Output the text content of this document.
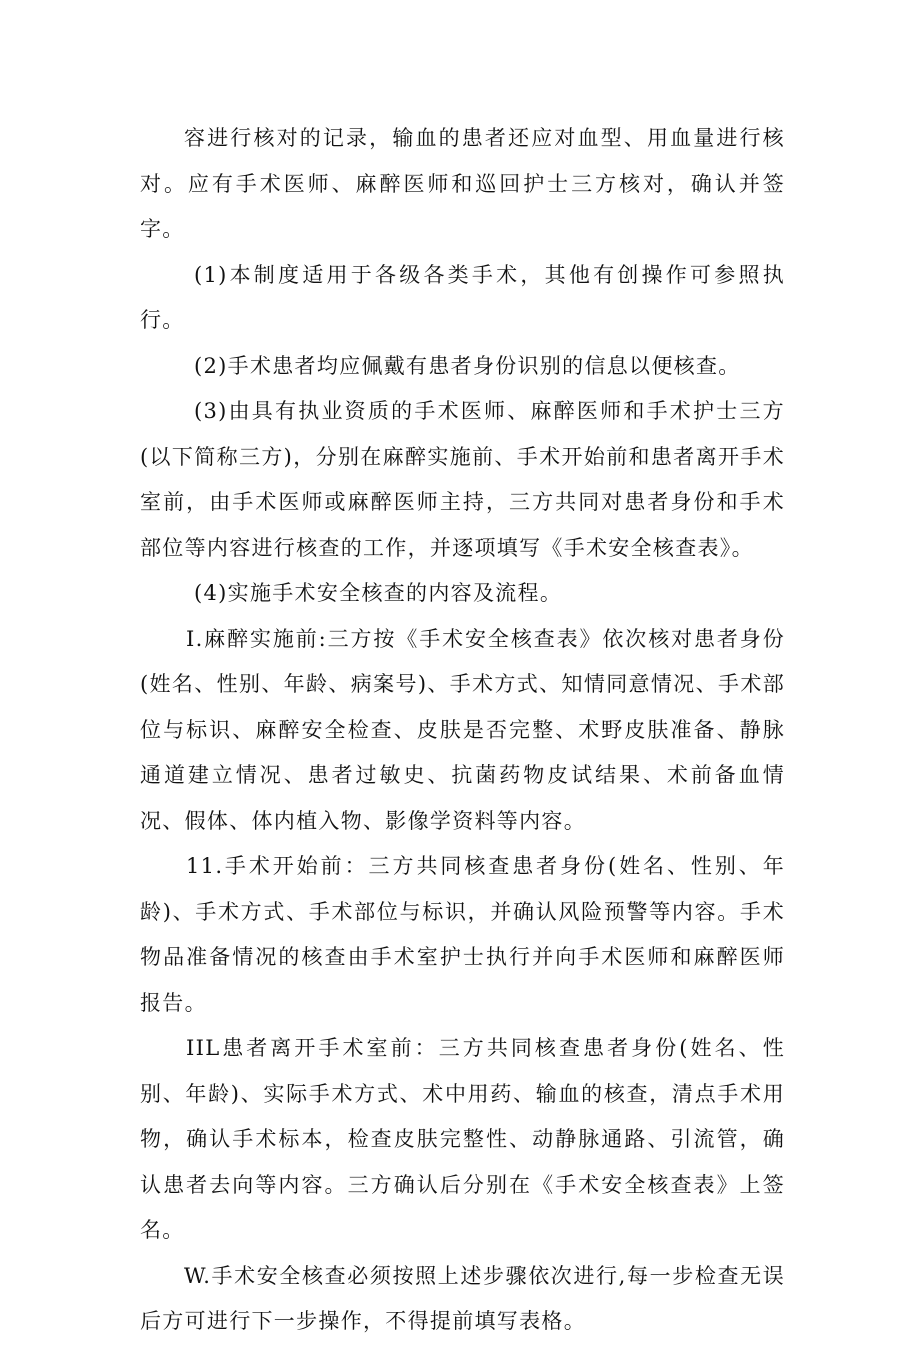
容进行核对的记录，输血的患者还应对血型、用血量进行核对。应有手术医师、麻醉医师和巡回护士三方核对，确认并签字。

(1)本制度适用于各级各类手术，其他有创操作可参照执行。

(2)手术患者均应佩戴有患者身份识别的信息以便核查。

(3)由具有执业资质的手术医师、麻醉医师和手术护士三方(以下简称三方)，分别在麻醉实施前、手术开始前和患者离开手术室前，由手术医师或麻醉医师主持，三方共同对患者身份和手术部位等内容进行核查的工作，并逐项填写《手术安全核查表》。

(4)实施手术安全核查的内容及流程。

I.麻醉实施前:三方按《手术安全核查表》依次核对患者身份(姓名、性别、年龄、病案号)、手术方式、知情同意情况、手术部位与标识、麻醉安全检查、皮肤是否完整、术野皮肤准备、静脉通道建立情况、患者过敏史、抗菌药物皮试结果、术前备血情况、假体、体内植入物、影像学资料等内容。

11.手术开始前：三方共同核查患者身份(姓名、性别、年龄)、手术方式、手术部位与标识，并确认风险预警等内容。手术物品准备情况的核查由手术室护士执行并向手术医师和麻醉医师报告。

IIL患者离开手术室前：三方共同核查患者身份(姓名、性别、年龄)、实际手术方式、术中用药、输血的核查，清点手术用物，确认手术标本，检查皮肤完整性、动静脉通路、引流管，确认患者去向等内容。三方确认后分别在《手术安全核查表》上签名。

W.手术安全核查必须按照上述步骤依次进行,每一步检查无误后方可进行下一步操作，不得提前填写表格。
